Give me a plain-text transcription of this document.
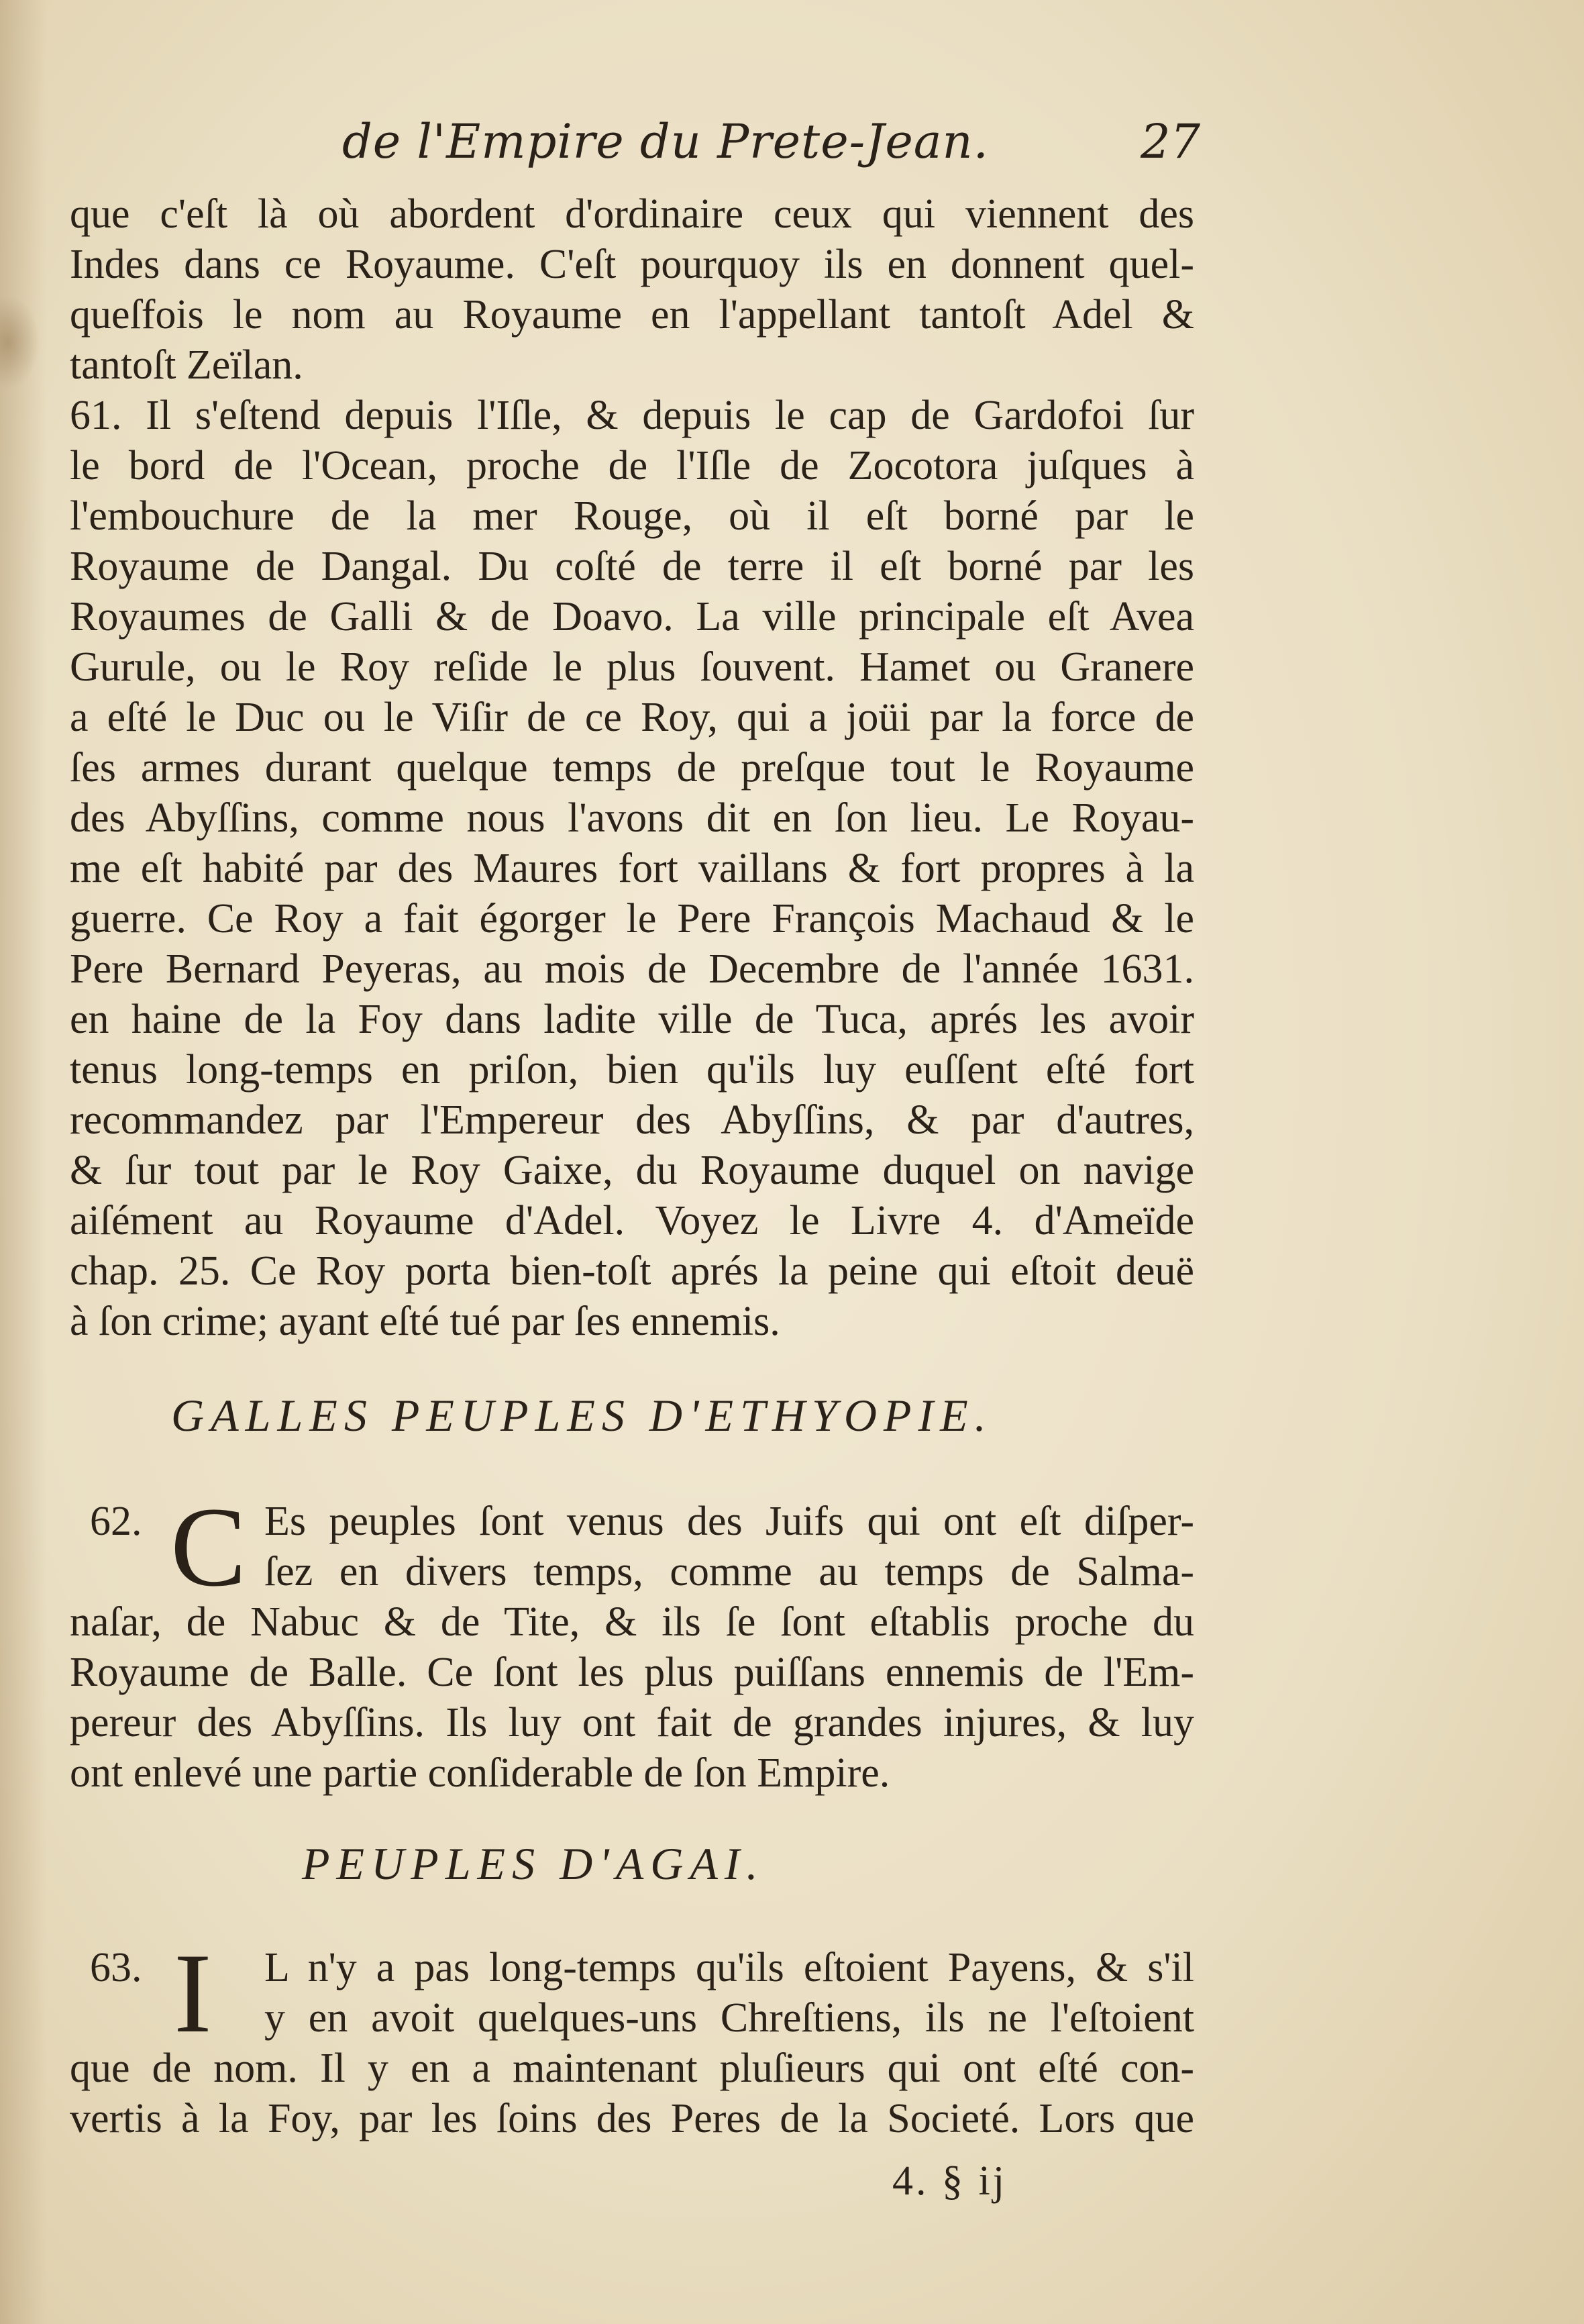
de l'Empire du Prete-Jean.	27
que c'eſt là où abordent d'ordinaire ceux qui viennent des
Indes dans ce Royaume. C'eſt pourquoy ils en donnent quel-
queſfois le nom au Royaume en l'appellant tantoſt Adel &
tantoſt Zeïlan.
61. Il s'eſtend depuis l'Iſle, & depuis le cap de Gardofoi ſur
le bord de l'Ocean, proche de l'Iſle de Zocotora juſques à
l'embouchure de la mer Rouge, où il eſt borné par le
Royaume de Dangal. Du coſté de terre il eſt borné par les
Royaumes de Galli & de Doavo. La ville principale eſt Avea
Gurule, ou le Roy reſide le plus ſouvent. Hamet ou Granere
a eſté le Duc ou le Viſir de ce Roy, qui a joüi par la force de
ſes armes durant quelque temps de preſque tout le Royaume
des Abyſſins, comme nous l'avons dit en ſon lieu. Le Royau-
me eſt habité par des Maures fort vaillans & fort propres à la
guerre. Ce Roy a fait égorger le Pere François Machaud & le
Pere Bernard Peyeras, au mois de Decembre de l'année 1631.
en haine de la Foy dans ladite ville de Tuca, aprés les avoir
tenus long-temps en priſon, bien qu'ils luy euſſent eſté fort
recommandez par l'Empereur des Abyſſins, & par d'autres,
& ſur tout par le Roy Gaixe, du Royaume duquel on navige
aiſément au Royaume d'Adel. Voyez le Livre 4. d'Ameïde
chap. 25. Ce Roy porta bien-toſt aprés la peine qui eſtoit deuë
à ſon crime; ayant eſté tué par ſes ennemis.
GALLES PEUPLES D'ETHYOPIE.
62. C Es peuples ſont venus des Juifs qui ont eſt diſper-
ſez en divers temps, comme au temps de Salma-
naſar, de Nabuc & de Tite, & ils ſe ſont eſtablis proche du
Royaume de Balle. Ce ſont les plus puiſſans ennemis de l'Em-
pereur des Abyſſins. Ils luy ont fait de grandes injures, & luy
ont enlevé une partie conſiderable de ſon Empire.
PEUPLES D'AGAI.
63. I L n'y a pas long-temps qu'ils eſtoient Payens, & s'il
y en avoit quelques-uns Chreſtiens, ils ne l'eſtoient
que de nom. Il y en a maintenant pluſieurs qui ont eſté con-
vertis à la Foy, par les ſoins des Peres de la Societé. Lors que
4. § ij
